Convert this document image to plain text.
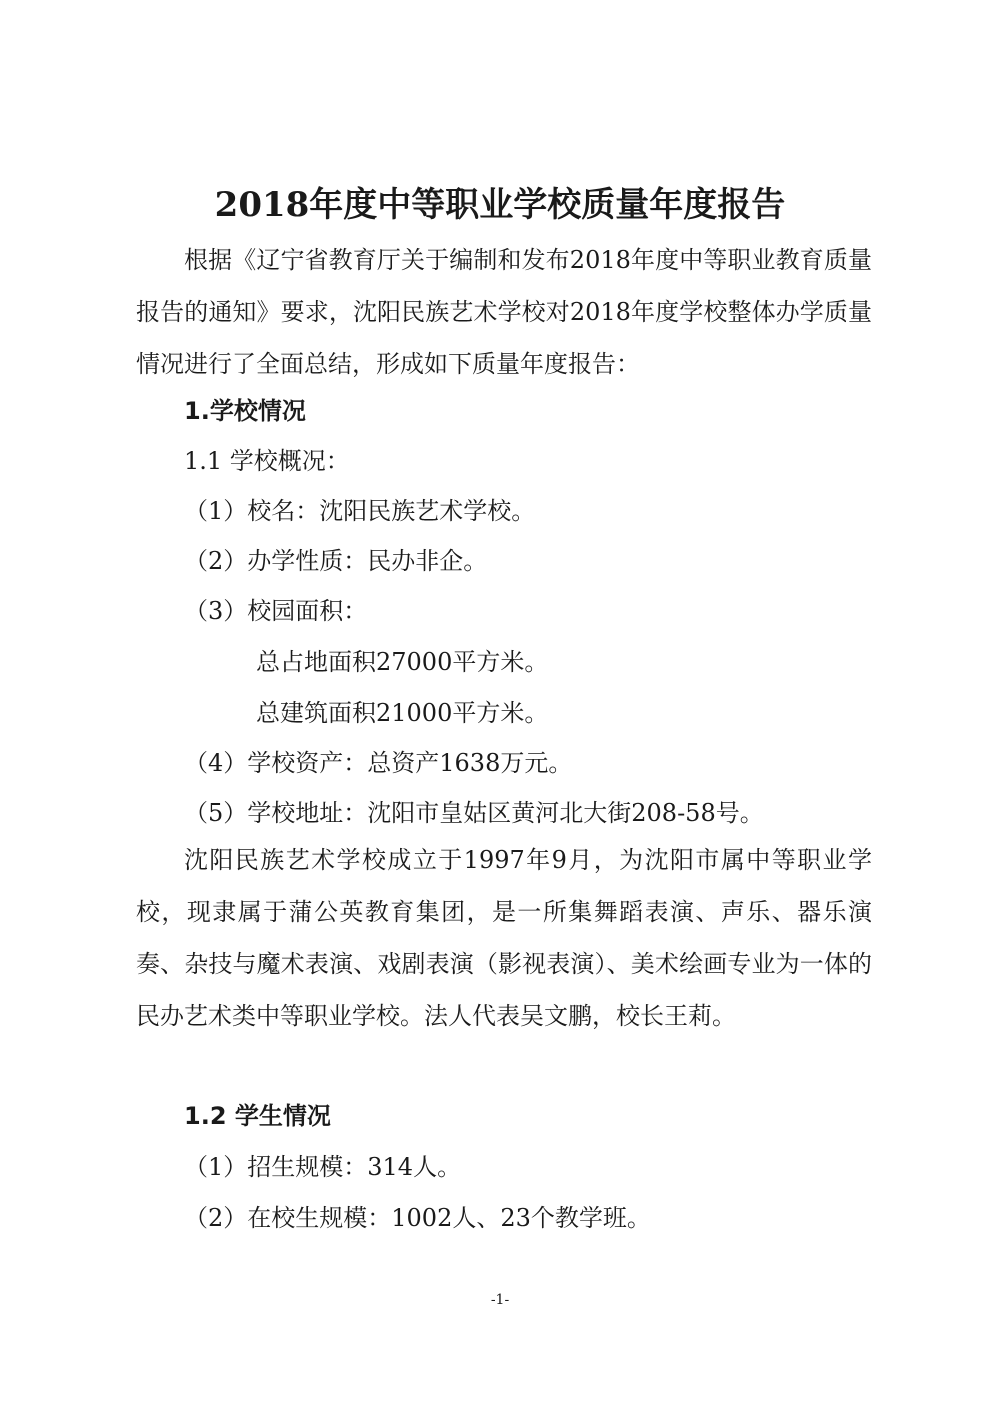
2018年度中等职业学校质量年度报告
根据《辽宁省教育厅关于编制和发布2018年度中等职业教育质量报告的通知》要求，沈阳民族艺术学校对2018年度学校整体办学质量情况进行了全面总结，形成如下质量年度报告：
1.学校情况
1.1 学校概况：
（1）校名：沈阳民族艺术学校。
（2）办学性质：民办非企。
（3）校园面积：
总占地面积27000平方米。
总建筑面积21000平方米。
（4）学校资产：总资产1638万元。
（5）学校地址：沈阳市皇姑区黄河北大街208-58号。
沈阳民族艺术学校成立于1997年9月，为沈阳市属中等职业学校，现隶属于蒲公英教育集团，是一所集舞蹈表演、声乐、器乐演奏、杂技与魔术表演、戏剧表演（影视表演）、美术绘画专业为一体的民办艺术类中等职业学校。法人代表吴文鹏，校长王莉。
1.2 学生情况
（1）招生规模：314人。
（2）在校生规模：1002人、23个教学班。
-1-
